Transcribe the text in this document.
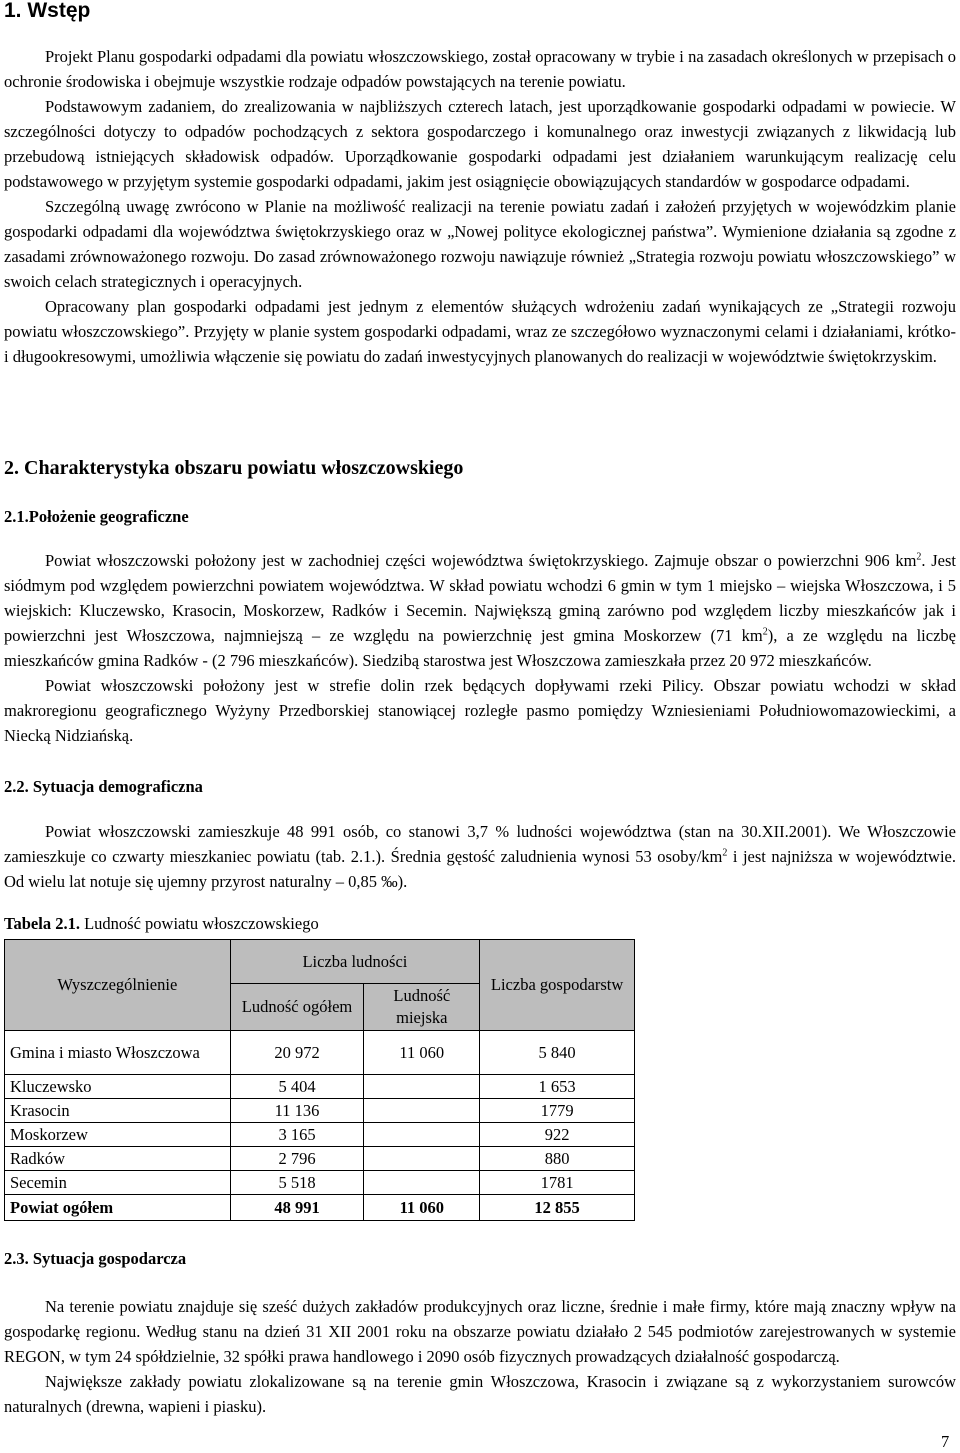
1. Wstęp

Projekt Planu gospodarki odpadami dla powiatu włoszczowskiego, został opracowany w trybie i na zasadach określonych w przepisach o ochronie środowiska i obejmuje wszystkie rodzaje odpadów powstających na terenie powiatu.

Podstawowym zadaniem, do zrealizowania w najbliższych czterech latach, jest uporządkowanie gospodarki odpadami w powiecie. W szczególności dotyczy to odpadów pochodzących z sektora gospodarczego i komunalnego oraz inwestycji związanych z likwidacją lub przebudową istniejących składowisk odpadów. Uporządkowanie gospodarki odpadami jest działaniem warunkującym realizację celu podstawowego w przyjętym systemie gospodarki odpadami, jakim jest osiągnięcie obowiązujących standardów w gospodarce odpadami.

Szczególną uwagę zwrócono w Planie na możliwość realizacji na terenie powiatu zadań i założeń przyjętych w wojewódzkim planie gospodarki odpadami dla województwa świętokrzyskiego oraz w „Nowej polityce ekologicznej państwa”. Wymienione działania są zgodne z zasadami zrównoważonego rozwoju. Do zasad zrównoważonego rozwoju nawiązuje również „Strategia rozwoju powiatu włoszczowskiego” w swoich celach strategicznych i operacyjnych.

Opracowany plan gospodarki odpadami jest jednym z elementów służących wdrożeniu zadań wynikających ze „Strategii rozwoju powiatu włoszczowskiego”. Przyjęty w planie system gospodarki odpadami, wraz ze szczegółowo wyznaczonymi celami i działaniami, krótko- i długookresowymi, umożliwia włączenie się powiatu do zadań inwestycyjnych planowanych do realizacji w województwie świętokrzyskim.

2. Charakterystyka obszaru powiatu włoszczowskiego
2.1.Położenie geograficzne

Powiat włoszczowski położony jest w zachodniej części województwa świętokrzyskiego. Zajmuje obszar o powierzchni 906 $km^2$. Jest siódmym pod względem powierzchni powiatem województwa. W skład powiatu wchodzi 6 gmin w tym 1 miejsko – wiejska Włoszczowa, i 5 wiejskich: Kluczewsko, Krasocin, Moskorzew, Radków i Secemin. Największą gminą zarówno pod względem liczby mieszkańców jak i powierzchni jest Włoszczowa, najmniejszą – ze względu na powierzchnię jest gmina Moskorzew (71 $km^2$), a ze względu na liczbę mieszkańców gmina Radków - (2 796 mieszkańców). Siedzibą starostwa jest Włoszczowa zamieszkała przez 20 972 mieszkańców.

Powiat włoszczowski położony jest w strefie dolin rzek będących dopływami rzeki Pilicy. Obszar powiatu wchodzi w skład makroregionu geograficznego Wyżyny Przedborskiej stanowiącej rozległe pasmo pomiędzy Wzniesieniami Południowomazowieckimi, a Niecką Nidziańską.

2.2. Sytuacja demograficzna

Powiat włoszczowski zamieszkuje 48 991 osób, co stanowi 3,7 % ludności województwa (stan na 30.XII.2001). We Włoszczowie zamieszkuje co czwarty mieszkaniec powiatu (tab. 2.1.). Średnia gęstość zaludnienia wynosi 53 osoby/$km^2$ i jest najniższa w województwie. Od wielu lat notuje się ujemny przyrost naturalny – 0,85 ‰).

Tabela 2.1. Ludność powiatu włoszczowskiego

Wyszczególnienie	Liczba ludności		Liczba gospodarstw
	Ludność ogółem	Ludność miejska	
Gmina i miasto Włoszczowa	20 972	11 060	5 840
Kluczewsko	5 404		1 653
Krasocin	11 136		1779
Moskorzew	3 165		922
Radków	2 796		880
Secemin	5 518		1781
Powiat ogółem	48 991	11 060	12 855
2.3. Sytuacja gospodarcza

Na terenie powiatu znajduje się sześć dużych zakładów produkcyjnych oraz liczne, średnie i małe firmy, które mają znaczny wpływ na gospodarkę regionu. Według stanu na dzień 31 XII 2001 roku na obszarze powiatu działało 2 545 podmiotów zarejestrowanych w systemie REGON, w tym 24 spółdzielnie, 32 spółki prawa handlowego i 2090 osób fizycznych prowadzących działalność gospodarczą.

Największe zakłady powiatu zlokalizowane są na terenie gmin Włoszczowa, Krasocin i związane są z wykorzystaniem surowców naturalnych (drewna, wapieni i piasku).

7
